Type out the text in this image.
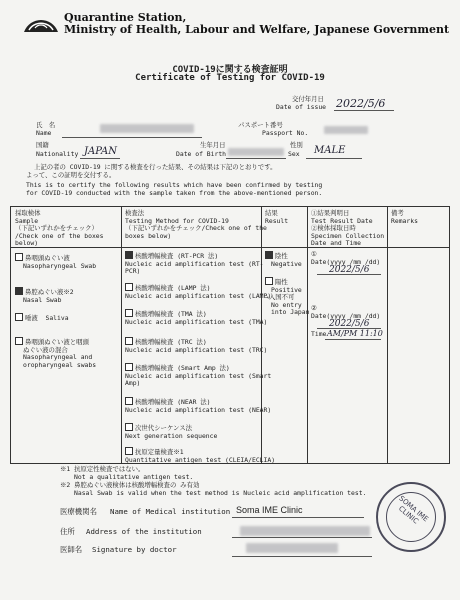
Quarantine Station,
Ministry of Health, Labour and Welfare, Japanese Government
COVID-19に関する検査証明
Certificate of Testing for COVID-19
交付年月日
Date of issue 2022/5/6
氏　名
Name
パスポート番号
Passport No.
国籍
Nationality JAPAN
生年月日
Date of Birth
性別
Sex MALE
上記の者の COVID-19 に関する検査を行った結果、その結果は下記のとおりです。
よって、この証明を交付する。
This is to certify the following results which have been confirmed by testing
for COVID-19 conducted with the sample taken from the above-mentioned person.
採取検体
Sample
（下記いずれかをチェック）
/Check one of the boxes
below)
検査法
Testing Method for COVID-19
（下記いずれかをチェック/Check one of the
boxes below)
結果
Result
①結果判明日
Test Result Date
②検体採取日時
Specimen Collection
Date and Time
備考
Remarks
鼻咽頭ぬぐい液
Nasopharyngeal Swab
鼻腔ぬぐい液※2
Nasal Swab
唾液  Saliva
鼻咽頭ぬぐい液と咽頭
ぬぐい液の混合
Nasopharyngeal and
oropharyngeal swabs
核酸増幅検査 (RT-PCR 法)
Nucleic acid amplification test (RT-
PCR)
核酸増幅検査 (LAMP 法)
Nucleic acid amplification test (LAMP)
核酸増幅検査 (TMA 法)
Nucleic acid amplification test (TMA)
核酸増幅検査 (TRC 法)
Nucleic acid amplification test (TRC)
核酸増幅検査 (Smart Amp 法)
Nucleic acid amplification test (Smart
Amp)
核酸増幅検査 (NEAR 法)
Nucleic acid amplification test (NEAR)
次世代シーケンス法
Next generation sequence
抗原定量検査※1
Quantitative antigen test (CLEIA/ECLIA)
陰性
Negative
陽性
Positive
→入国不可
No entry
into Japan
①
Date(yyyy /mm /dd)
2022/5/6
②
Date(yyyy /mm /dd)
2022/5/6
Time AM/PM 11:10
※1 抗原定性検査ではない。
Not a qualitative antigen test.
※2 鼻腔ぬぐい液検体は核酸増幅検査の み有効
Nasal Swab is valid when the test method is Nucleic acid amplification test.
医療機関名 Name of Medical institution Soma IME Clinic
住所 Address of the institution
医師名 Signature by doctor
SOMA IME CLINIC
